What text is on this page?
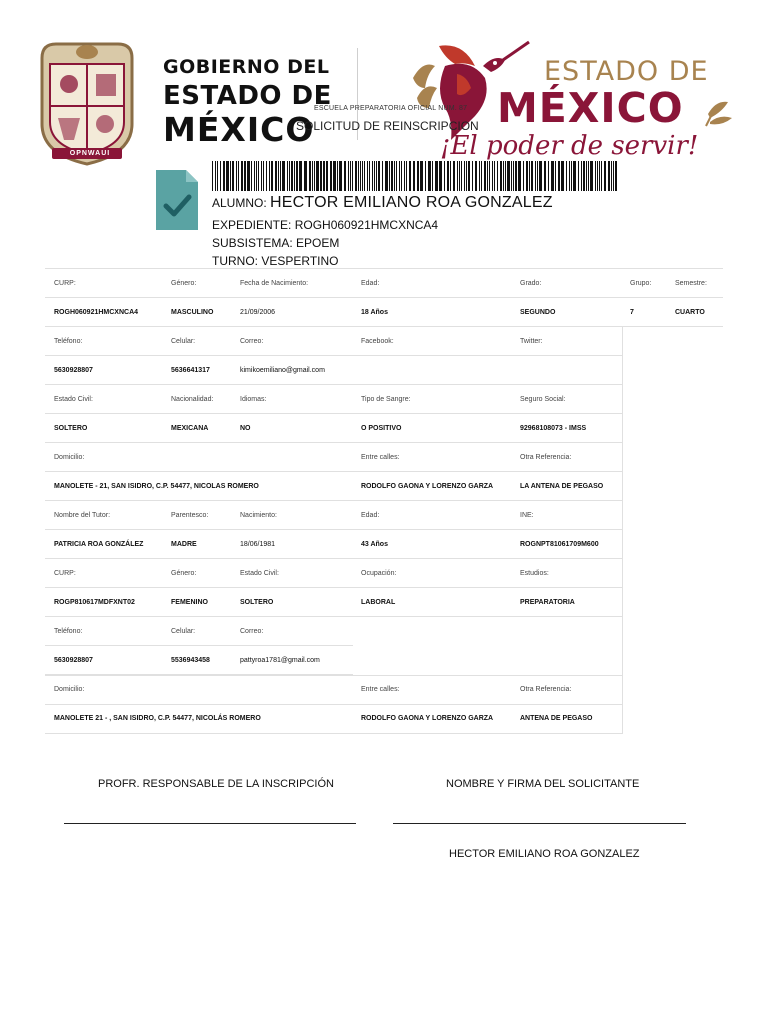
OPNWAUI
GOBIERNO DEL
ESTADO DE
MÉXICO
ESTADO DE
MÉXICO
¡El poder de servir!
ESCUELA PREPARATORIA OFICIAL NUM. 87
SOLICITUD DE REINSCRIPCION
ALUMNO: HECTOR EMILIANO ROA GONZALEZ
EXPEDIENTE: ROGH060921HMCXNCA4
SUBSISTEMA: EPOEM
TURNO: VESPERTINO
CURP:	Género:	Fecha de Nacimiento:	Edad:	Grado:	Grupo:	Semestre:
ROGH060921HMCXNCA4	MASCULINO	21/09/2006	18 Años	SEGUNDO	7	CUARTO
Teléfono:	Celular:	Correo:	Facebook:	Twitter:
5630928807	5636641317	kimikoemiliano@gmail.com
Estado Civil:	Nacionalidad:	Idiomas:	Tipo de Sangre:	Seguro Social:
SOLTERO	MEXICANA	NO	O POSITIVO	92968108073 - IMSS
Domicilio:	Entre calles:	Otra Referencia:
MANOLETE - 21, SAN ISIDRO, C.P. 54477, NICOLAS ROMERO	RODOLFO GAONA Y LORENZO GARZA	LA ANTENA DE PEGASO
Nombre del Tutor:	Parentesco:	Nacimiento:	Edad:	INE:
PATRICIA ROA GONZÁLEZ	MADRE	18/06/1981	43 Años	ROGNPT81061709M600
CURP:	Género:	Estado Civil:	Ocupación:	Estudios:
ROGP810617MDFXNT02	FEMENINO	SOLTERO	LABORAL	PREPARATORIA
Teléfono:	Celular:	Correo:
5630928807	5536943458	pattyroa1781@gmail.com
Domicilio:	Entre calles:	Otra Referencia:
MANOLETE 21 - , SAN ISIDRO, C.P. 54477, NICOLÁS ROMERO	RODOLFO GAONA Y LORENZO GARZA	ANTENA DE PEGASO
PROFR. RESPONSABLE DE LA INSCRIPCIÓN	NOMBRE Y FIRMA DEL SOLICITANTE
HECTOR EMILIANO ROA GONZALEZ
